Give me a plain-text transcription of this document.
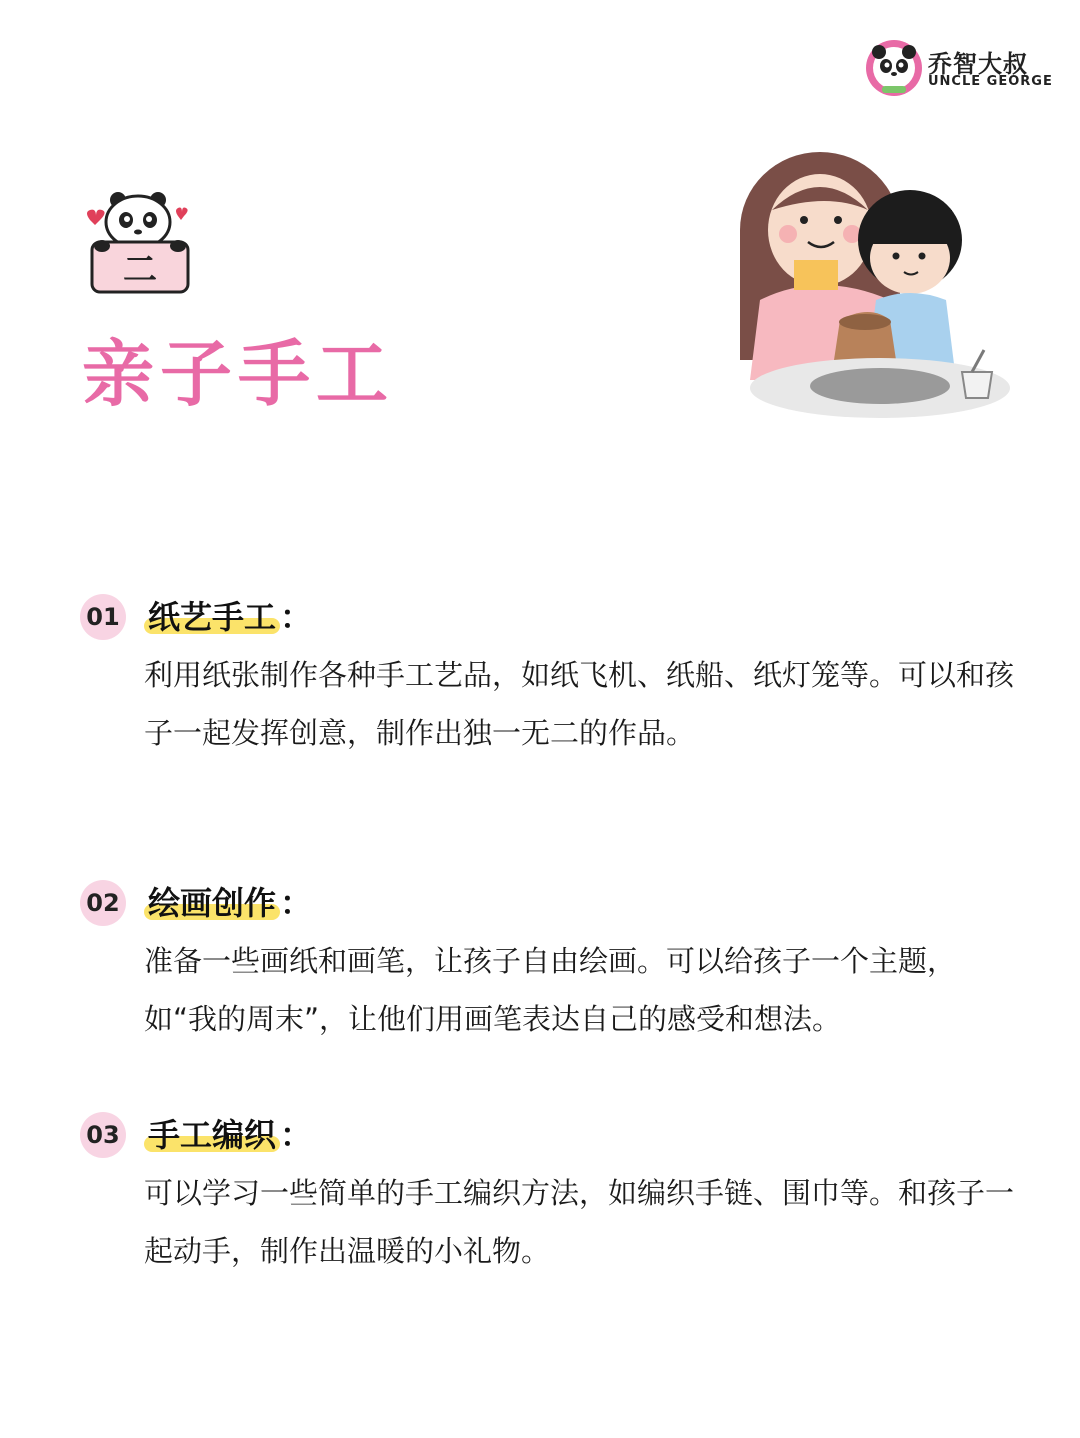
乔智大叔
UNCLE GEORGE
二
亲子手工
01 纸艺手工 ：
利用纸张制作各种手工艺品，如纸飞机、纸船、纸灯笼等。可以和孩子一起发挥创意，制作出独一无二的作品。
02 绘画创作 ：
准备一些画纸和画笔，让孩子自由绘画。可以给孩子一个主题，如“我的周末”，让他们用画笔表达自己的感受和想法。
03 手工编织 ：
可以学习一些简单的手工编织方法，如编织手链、围巾等。和孩子一起动手，制作出温暖的小礼物。
